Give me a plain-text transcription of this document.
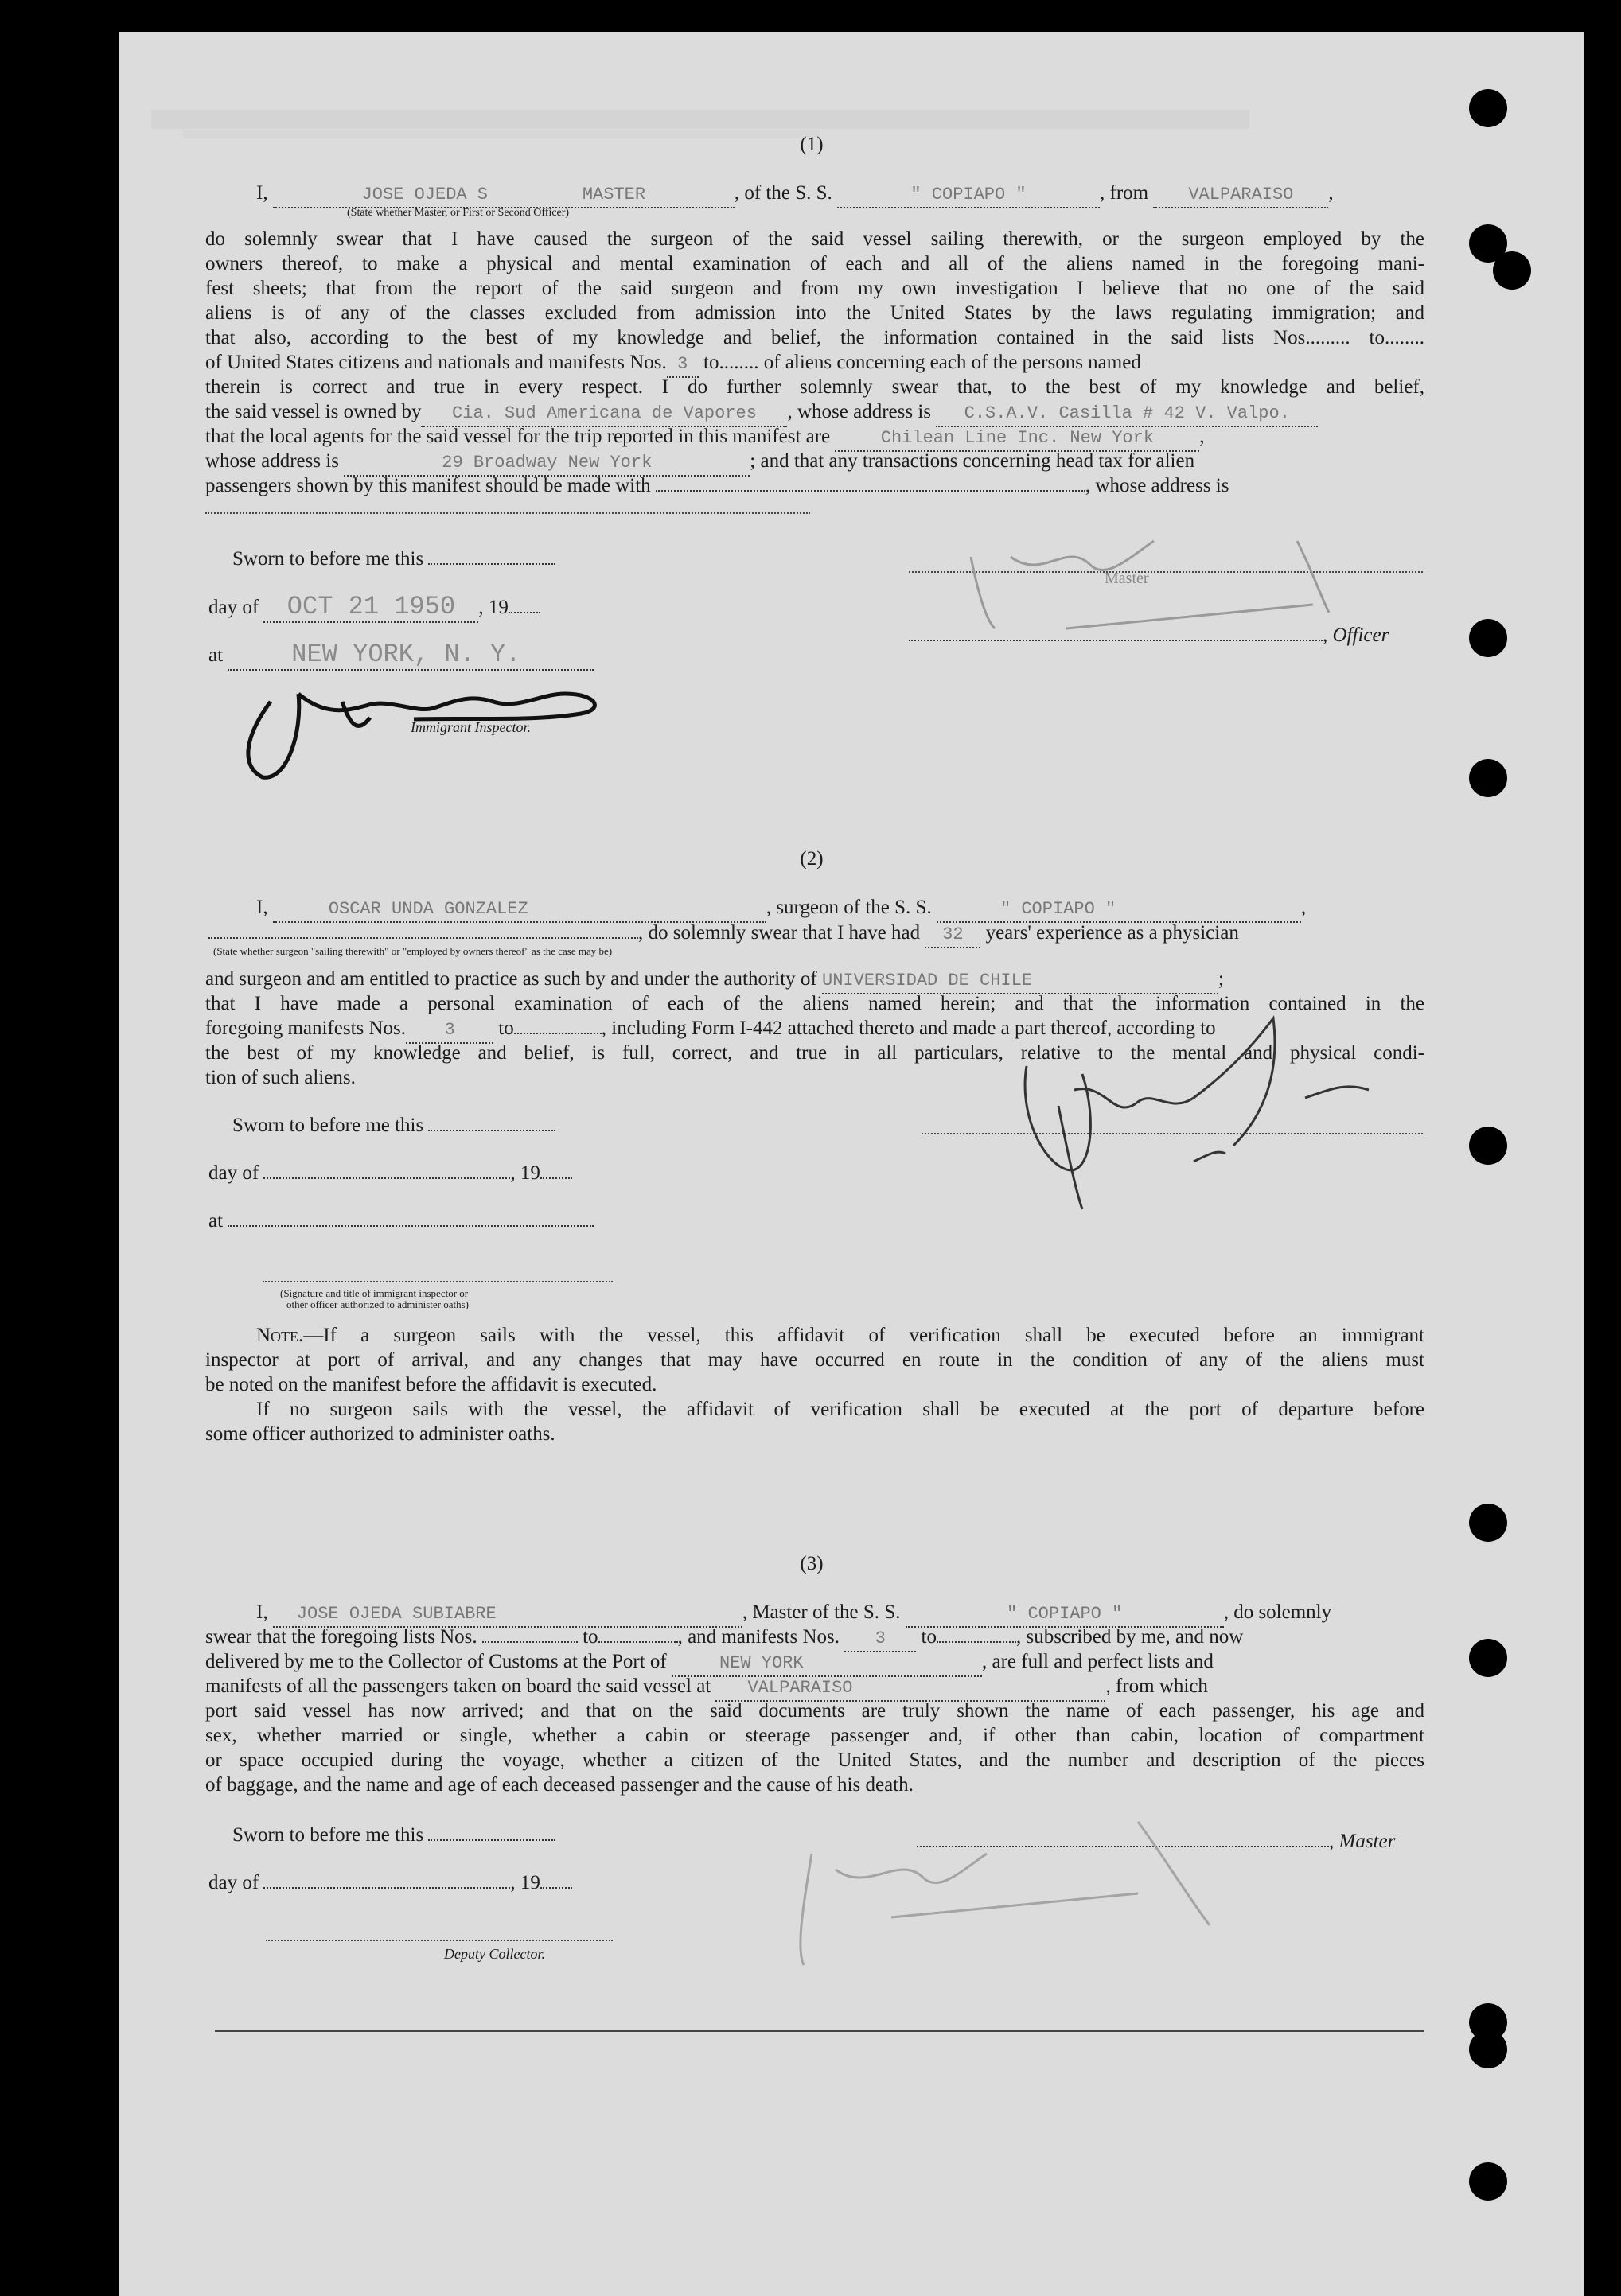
(1)
I,	JOSE OJEDA S	MASTER	, of the S. S.	" COPIAPO "	, from VALPARAISO ,
(State whether Master, or First or Second Officer)
do solemnly swear that I have caused the surgeon of the said vessel sailing therewith, or the surgeon employed by the
owners thereof, to make a physical and mental examination of each and all of the aliens named in the foregoing mani-
fest sheets; that from the report of the said surgeon and from my own investigation I believe that no one of the said
aliens is of any of the classes excluded from admission into the United States by the laws regulating immigration; and
that also, according to the best of my knowledge and belief, the information contained in the said lists Nos......... to........
of United States citizens and nationals and manifests Nos. 3 to........ of aliens concerning each of the persons named
therein is correct and true in every respect. I do further solemnly swear that, to the best of my knowledge and belief,
the said vessel is owned by Cia. Sud Americana de Vapores , whose address is C.S.A.V. Casilla # 42 V. Valpo.
that the local agents for the said vessel for the trip reported in this manifest are	Chilean Line Inc. New York ,
whose address is	29 Broadway New York	; and that any transactions concerning head tax for alien
passengers shown by this manifest should be made with	, whose address is
Sworn to before me this
day of OCT 21 1950 , 19
at	NEW YORK, N. Y.
Immigrant Inspector.
Master
, Officer
(2)
I,	OSCAR UNDA GONZALEZ	, surgeon of the S. S.	" COPIAPO "	,
, do solemnly swear that I have had 32 years' experience as a physician
(State whether surgeon "sailing therewith" or "employed by owners thereof" as the case may be)
and surgeon and am entitled to practice as such by and under the authority of UNIVERSIDAD DE CHILE	;
that I have made a personal examination of each of the aliens named herein; and that the information contained in the
foregoing manifests Nos. 3 to	, including Form I-442 attached thereto and made a part thereof, according to
the best of my knowledge and belief, is full, correct, and true in all particulars, relative to the mental and physical condi-
tion of such aliens.
Sworn to before me this
day of	, 19
at
(Signature and title of immigrant inspector or
other officer authorized to administer oaths)
Note.—If a surgeon sails with the vessel, this affidavit of verification shall be executed before an immigrant
inspector at port of arrival, and any changes that may have occurred en route in the condition of any of the aliens must
be noted on the manifest before the affidavit is executed.
If no surgeon sails with the vessel, the affidavit of verification shall be executed at the port of departure before
some officer authorized to administer oaths.
(3)
I, JOSE OJEDA SUBIABRE	, Master of the S. S.	" COPIAPO "	, do solemnly
swear that the foregoing lists Nos.	to	, and manifests Nos. 3 to	, subscribed by me, and now
delivered by me to the Collector of Customs at the Port of	NEW YORK	, are full and perfect lists and
manifests of all the passengers taken on board the said vessel at VALPARAISO	, from which
port said vessel has now arrived; and that on the said documents are truly shown the name of each passenger, his age and
sex, whether married or single, whether a cabin or steerage passenger and, if other than cabin, location of compartment
or space occupied during the voyage, whether a citizen of the United States, and the number and description of the pieces
of baggage, and the name and age of each deceased passenger and the cause of his death.
Sworn to before me this
day of	, 19
Deputy Collector.
, Master
